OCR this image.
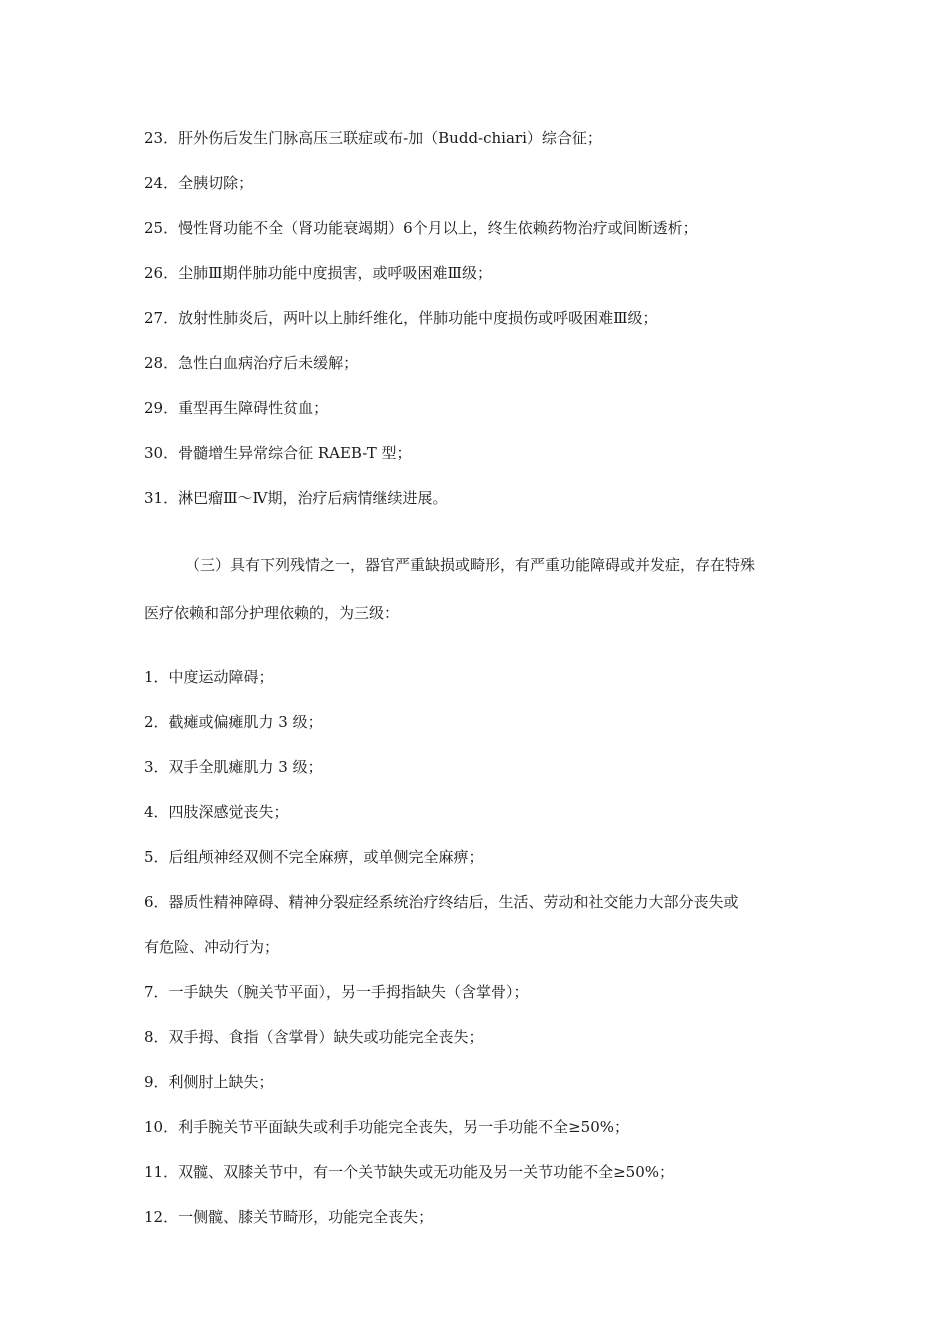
23．肝外伤后发生门脉高压三联症或布-加（Budd-chiari）综合征；

24．全胰切除；

25．慢性肾功能不全（肾功能衰竭期）6个月以上，终生依赖药物治疗或间断透析；

26．尘肺Ⅲ期伴肺功能中度损害，或呼吸困难Ⅲ级；

27．放射性肺炎后，两叶以上肺纤维化，伴肺功能中度损伤或呼吸困难Ⅲ级；

28．急性白血病治疗后未缓解；

29．重型再生障碍性贫血；

30．骨髓增生异常综合征 RAEB-T 型；

31．淋巴瘤Ⅲ～Ⅳ期，治疗后病情继续进展。

（三）具有下列残情之一，器官严重缺损或畸形，有严重功能障碍或并发症，存在特殊

医疗依赖和部分护理依赖的，为三级：

1．中度运动障碍；

2．截瘫或偏瘫肌力 3 级；

3．双手全肌瘫肌力 3 级；

4．四肢深感觉丧失；

5．后组颅神经双侧不完全麻痹，或单侧完全麻痹；

6．器质性精神障碍、精神分裂症经系统治疗终结后，生活、劳动和社交能力大部分丧失或

有危险、冲动行为；

7．一手缺失（腕关节平面），另一手拇指缺失（含掌骨）；

8．双手拇、食指（含掌骨）缺失或功能完全丧失；

9．利侧肘上缺失；

10．利手腕关节平面缺失或利手功能完全丧失，另一手功能不全≥50%；

11．双髋、双膝关节中，有一个关节缺失或无功能及另一关节功能不全≥50%；

12．一侧髋、膝关节畸形，功能完全丧失；
